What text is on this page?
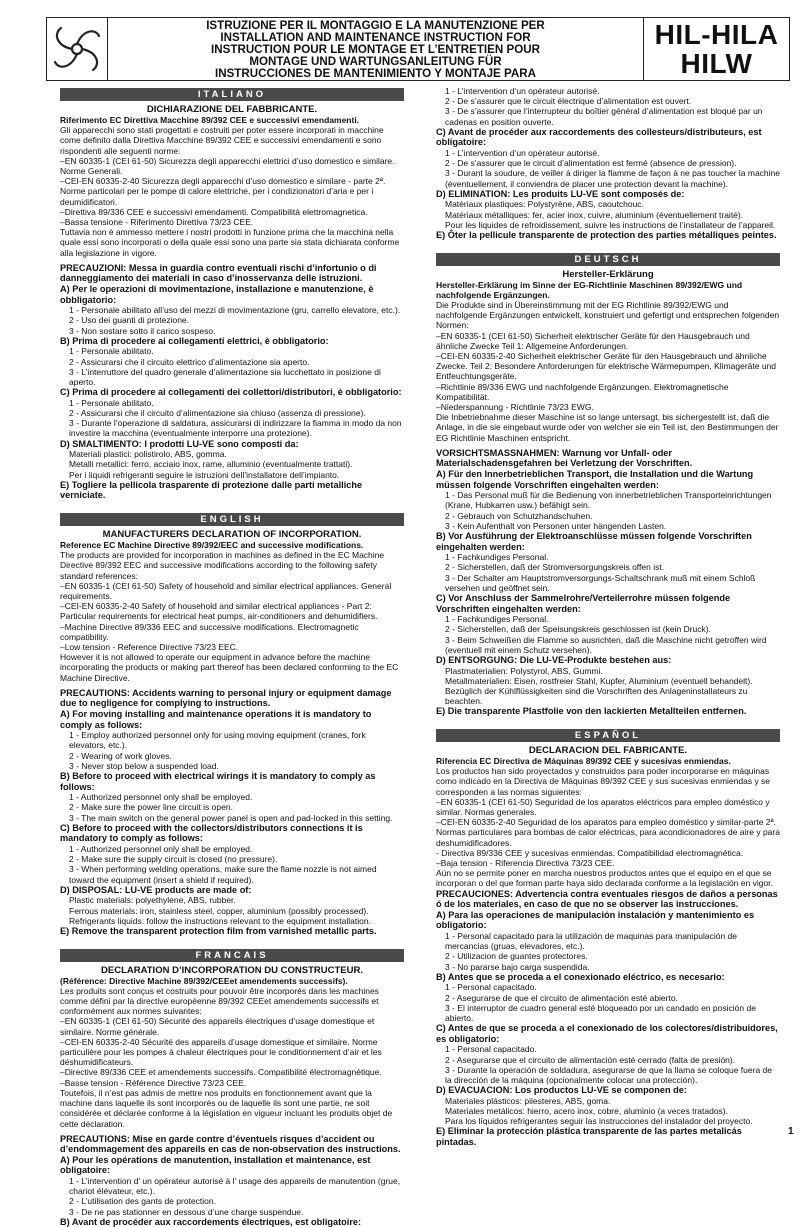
ISTRUZIONE PER IL MONTAGGIO E LA MANUTENZIONE PER
INSTALLATION AND MAINTENANCE INSTRUCTION FOR
INSTRUCTION POUR LE MONTAGE ET L’ENTRETIEN POUR
MONTAGE UND WARTUNGSANLEITUNG FÜR
INSTRUCCIONES DE MANTENIMIENTO Y MONTAJE PARA
HIL-HILA
HILW
ITALIANO
DICHIARAZIONE DEL FABBRICANTE.

Riferimento EC Direttiva Macchine 89/392 CEE e successivi emendamenti.

Gli apparecchi sono stati progettati e costruiti per poter essere incorporati in macchine come definito dalla Direttiva Macchine 89/392 CEE e successivi emendamenti e sono rispondenti alle seguenti norme:

–EN 60335-1 (CEI 61-50) Sicurezza degli apparecchi elettrici d’uso domestico e similare. Norme Generali.

–CEI-EN 60335-2-40 Sicurezza degli apparecchi d’uso domestico e similare - parte 2ª. Norme particolari per le pompe di calore elettriche, per i condizionatori d’aria e per i deumidificatori.

–Direttiva 89/336 CEE e successivi emendamenti. Compatibilità elettromagnetica.

–Bassa tensione - Riferimento Direttiva 73/23 CEE.

Tuttavia non è ammesso mettere i nostri prodotti in funzione prima che la macchina nella quale essi sono incorporati o della quale essi sono una parte sia stata dichiarata conforme alla legislazione in vigore.

PRECAUZIONI: Messa in guardia contro eventuali rischi d’infortunio o di danneggiamento dei materiali in caso d’inosservanza delle istruzioni.

A) Per le operazioni di movimentazione, installazione e manutenzione, è obbligatorio:

1 - Personale abilitato all’uso dei mezzi di movimentazione (gru, carrello elevatore, etc.).

2 - Uso dei guanti di protezione.

3 - Non sostare sotto il carico sospeso.

B) Prima di procedere ai collegamenti elettrici, è obbligatorio:

1 - Personale abilitato.

2 - Assicurarsi che il circuito elettrico d’alimentazione sia aperto.

3 - L’interruttore del quadro generale d’alimentazione sia lucchettato in posizione di aperto.

C) Prima di procedere ai collegamenti dei collettori/distributori, è obbligatorio:

1 - Personale abilitato.

2 - Assicurarsi che il circuito d’alimentazione sia chiuso (assenza di pressione).

3 - Durante l’operazione di saldatura, assicurarsi di indirizzare la fiamma in modo da non investire la macchina (eventualmente interporre una protezione).

D) SMALTIMENTO: I prodotti LU-VE sono composti da:

Materiali plastici: polistirolo, ABS, gomma.

Metalli metallici: ferro, acciaio inox, rame, alluminio (eventualmente trattati).

Per i liquidi refrigeranti seguire le istruzioni dell’installatore dell’impianto.

E) Togliere la pellicola trasparente di protezione dalle parti metalliche verniciate.

ENGLISH
MANUFACTURERS DECLARATION OF INCORPORATION.

Reference EC Machine Directive 89/392/EEC and successive modifications.

The products are provided for incorporation in machines as defined in the EC Machine Directive 89/392 EEC and successive modifications according to the following safety standard references:

–EN 60335-1 (CEI 61-50) Safety of household and similar electrical appliances. General requirements.

–CEI-EN 60335-2-40 Safety of household and similar electrical appliances - Part 2: Particular requirements for electrical heat pumps, air-conditioners and dehumidifiers.

–Machine Directive 89/336 EEC and successive modifications. Electromagnetic compatibility.

–Low tension - Reference Directive 73/23 EEC.

However it is not allowed to operate our equipment in advance before the machine incorporating the products or making part thereof has been declared conforming to the EC Machine Directive.

PRECAUTIONS: Accidents warning to personal injury or equipment damage due to negligence for complying to instructions.

A) For moving installing and maintenance operations it is mandatory to comply as follows:

1 - Employ authorized personnel only for using moving equipment (cranes, fork elevators, etc.).

2 - Wearing of work gloves.

3 - Never stop below a suspended load.

B) Before to proceed with electrical wirings it is mandatory to comply as follows:

1 - Authorized personnel only shall be employed.

2 - Make sure the power line circuit is open.

3 - The main switch on the general power panel is open and pad-locked in this setting.

C) Before to proceed with the collectors/distributors connections it is mandatory to comply as follows:

1 - Authorized personnel only shall be employed.

2 - Make sure the supply circuit is closed (no pressure).

3 - When performing welding operations, make sure the flame nozzle is not aimed toward the equipment (insert a shield if required).

D) DISPOSAL: LU-VE products are made of:

Plastic materials: polyethylene, ABS, rubber.

Ferrous materials: iron, stainless steel, copper, aluminium (possibly processed).

Refrigerants liquids: follow the instructions relevant to the equipment installation.

E) Remove the transparent protection film from varnished metallic parts.

FRANCAIS
DECLARATION D’INCORPORATION DU CONSTRUCTEUR.

(Référence: Directive Machine 89/392/CEEet amendements successifs).

Les produits sont conçus et costruits pour pouvoir être incorporés dans les machines comme défini par la directive européenne 89/392 CEEet amendements successifs et conformément aux normes suivantes:

–EN 60335-1 (CEI 61-50) Sécurité des appareils électriques d’usage domestique et similaire. Norme générale.

–CEI-EN 60335-2-40 Sécurité des appareils d’usage domestique et similaire. Norme particulière pour les pompes à chaleur électriques pour le conditionnement d’air et les déshumidificateurs.

–Directive 89/336 CEE et amendements successifs. Compatibilité électromagnétique.

–Basse tension - Référence Directive 73/23 CEE.

Toutefois, il n’est pas admis de mettre nos produits en fonctionnement avant que la machine dans laquelle ils sont incorporés ou de laquelle ils sont une partie, ne soit considérée et déclarée conforme à la législation en vigueur incluant les produits objet de cette déclaration.

PRECAUTIONS: Mise en garde contre d’éventuels risques d’accident ou d’endommagement des appareils en cas de non-observation des instructions.

A) Pour les opérations de manutention, installation et maintenance, est obligatoire:

1 - L’intervention d’ un opérateur autorisé à l’ usage des appareils de manutention (grue, chariot élévateur, etc.).

2 - L’utilisation des gants de protection.

3 - De ne pas stationner en dessous d’une charge suspendue.

B) Avant de procéder aux raccordements électriques, est obligatoire:

1 - L’intervention d’un opérateur autorisé.

2 - De s’assurer que le circuit électrique d’alimentation est ouvert.

3 - De s’assurer que l’interrupteur du boîtier général d’alimentation est bloqué par un cadenas en position ouverte.

C) Avant de procéder aux raccordements des collesteurs/distributeurs, est obligatoire:

1 - L’intervention d’un opérateur autorisé.

2 - De s’assurer que le circuit d’alimentation est fermé (absence de pression).

3 - Durant la soudure, de veiller à diriger la flamme de façon à ne pas toucher la machine (éventuellement, il conviendra de placer une protection devant la machine).

D) ELIMINATION: Les produits LU-VE sont composés de:

Matériaux plastiques: Polystyrène, ABS, caoutchouc.

Matériaux métalliques: fer, acier inox, cuivre, aluminium (éventuellement traité).

Pour les liquides de refroidissement, suivre les instructions de l’installateur de l’appareil.

E) Ôter la pellicule transparente de protection des parties métalliques peintes.

DEUTSCH
Hersteller-Erklärung

Hersteller-Erklärung im Sinne der EG-Richtlinie Maschinen 89/392/EWG und nachfolgende Ergänzungen.

Die Produkte sind in Übereinstimmung mit der EG Richtlinie 89/392/EWG und nachfolgende Ergänzungen entwickelt, konstruiert und gefertigt und entsprechen folgenden Normen:

–EN 60335-1 (CEI 61-50) Sicherheit elektrischer Geräte für den Hausgebrauch und ähnliche Zwecke Teil 1: Allgemeine Anforderungen.

–CEI-EN 60335-2-40 Sicherheit elektrischer Geräte für den Hausgebrauch und ähnliche Zwecke. Teil 2: Besondere Anforderungen für elektrische Wärmepumpen, Klimageräte und Entfeuchtungsgeräte.

–Richtlinie 89/336 EWG und nachfolgende Ergänzungen. Elektromagnetische Kompatibilität.

–Niederspannung - Richtlinie 73/23 EWG.

Die Inbetriebnahme dieser Maschine ist so lange untersagt, bis sichergestellt ist, daß die Anlage, in die sie eingebaut wurde oder von welcher sie ein Teil ist, den Bestimmungen der EG Richtlinie Maschinen entspricht.

VORSICHTSMASSNAHMEN: Warnung vor Unfall- oder Materialschadensgefahren bei Verletzung der Vorschriften.

A) Für den Innerbetrieblichen Transport, die Installation und die Wartung müssen folgende Vorschriften eingehalten werden:

1 - Das Personal muß für die Bedienung von innerbetrieblichen Transporteinrichtungen (Krane, Hubkarren usw.) befähigt sein.

2 - Gebrauch von Schutzhandschuhen.

3 - Kein Aufenthalt von Personen unter hängenden Lasten.

B) Vor Ausführung der Elektroanschlüsse müssen folgende Vorschriften eingehalten werden:

1 - Fachkundiges Personal.

2 - Sicherstellen, daß der Stromversorgungskreis offen ist.

3 - Der Schalter am Hauptstromversorgungs-Schaltschrank muß mit einem Schloß versehen und geöffnet sein.

C) Vor Anschluss der Sammelrohre/Verteilerrohre müssen folgende Vorschriften eingehalten werden:

1 - Fachkundiges Personal.

2 - Sicherstellen, daß der Speisungskreis geschlossen ist (kein Druck).

3 - Beim Schweißen die Flamme so ausrichten, daß die Maschine nicht getroffen wird (eventuell mit einem Schutz versehen).

D) ENTSORGUNG: Die LU-VE-Produkte bestehen aus:

Plastmaterialien: Polystyrol, ABS, Gummi.

Metallmaterialien: Eisen, rostfreier Stahl, Kupfer, Aluminium (eventuell behandelt).

Bezüglich der Kühlflüssigkeiten sind die Vorschriften des Anlageninstallateurs zu beachten.

E) Die transparente Plastfolie von den lackierten Metallteilen entfernen.

ESPAÑOL
DECLARACION DEL FABRICANTE.

Riferencia EC Directiva de Máquinas 89/392 CEE y sucesivas enmiendas.

Los productos han sido proyectados y construidos para poder incorporarse en máquinas como indicado en la Directiva de Máquinas 89/392 CEE y sus sucesivas enmiendas y se corresponden a las normas siguientes:

–EN 60335-1 (CEI 61-50) Seguridad de los aparatos eléctricos para empleo doméstico y similar. Normas generales.

–CEI-EN 60335-2-40 Seguridad de los aparatos para empleo doméstico y similar-parte 2ª. Normas particulares para bombas de calor eléctricas, para acondicionadores de aire y para deshumidificadores.

- Directiva 89/336 CEE y sucesivas enmiendas. Compatibilidad electromagnética.

–Baja tension - Riferencia Directiva 73/23 CEE.

Aún no se permite poner en marcha nuestros productos antes que el equipo en el que se incorporan o del que forman parte haya sido declarada conforme a la legislación en vigor.

PRECAUCIONES: Advertencia contra eventuales riesgos de daños a personas ó de los materiales, en caso de que no se observer las instrucciones.

A) Para las operaciones de manipulación instalación y mantenimiento es obligatorio:

1 - Personal capacitado para la utilización de maquinas para manipulación de mercancias (gruas, elevadores, etc.).

2 - Utilizacion de guantes protectores.

3 - No pararse bajo carga suspendida.

B) Antes que se proceda a el conexionado eléctrico, es necesario:

1 - Personal capacitado.

2 - Asegurarse de que el circuito de alimentación esté abierto.

3 - El interruptor de cuadro general esté bloqueado por un candado en posición de abierto.

C) Antes de que se proceda a el conexionado de los colectores/distribuidores, es obligatorio:

1 - Personal capacitado.

2 - Asegurarse que el circuito de alimentación esté cerrado (falta de presión).

3 - Durante la operación de soldadura, asegurarse de que la llama se coloque fuera de la dirección de la máquina (opcionalmente colocar una protección).

D) EVACUACION: Los productos LU-VE se componen de:

Materiales plásticos: pilesteres, ABS, goma.

Materiales metálicos: hierro, acero inox, cobre, aluminio (a veces tratados).

Para los líquidos refrigerantes seguir las instrucciones del instalador del proyecto.

E) Eliminar la protección plástica transparente de las partes metalicás pintadas.

1
